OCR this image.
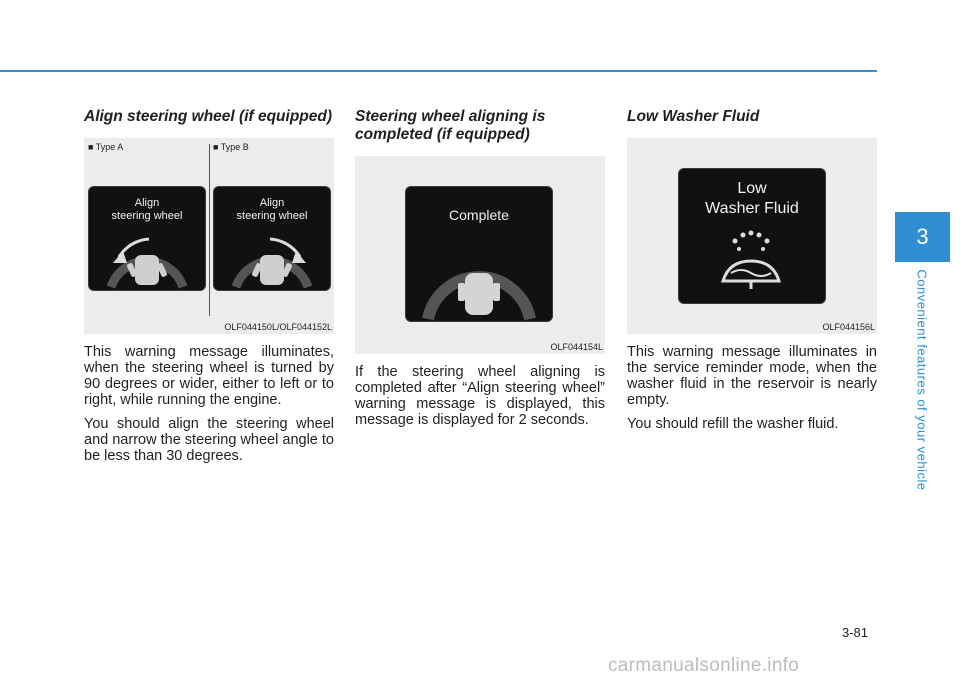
Align steering wheel (if equipped)

■ Type A	■ Type B
Align
steering wheel
Align
steering wheel
OLF044150L/OLF044152L

This warning message illuminates, when the steering wheel is turned by 90 degrees or wider, either to left or to right, while running the engine.

You should align the steering wheel and narrow the steering wheel angle to be less than 30 degrees.

Steering wheel aligning is completed (if equipped)

Complete
OLF044154L

If the steering wheel aligning is completed after “Align steering wheel” warning message is displayed, this message is displayed for 2 seconds.

Low Washer Fluid

Low
Washer Fluid
OLF044156L

This warning message illuminates in the service reminder mode, when the washer fluid in the reservoir is nearly empty.

You should refill the washer fluid.

3
Convenient features of your vehicle
3-81
carmanualsonline.info
